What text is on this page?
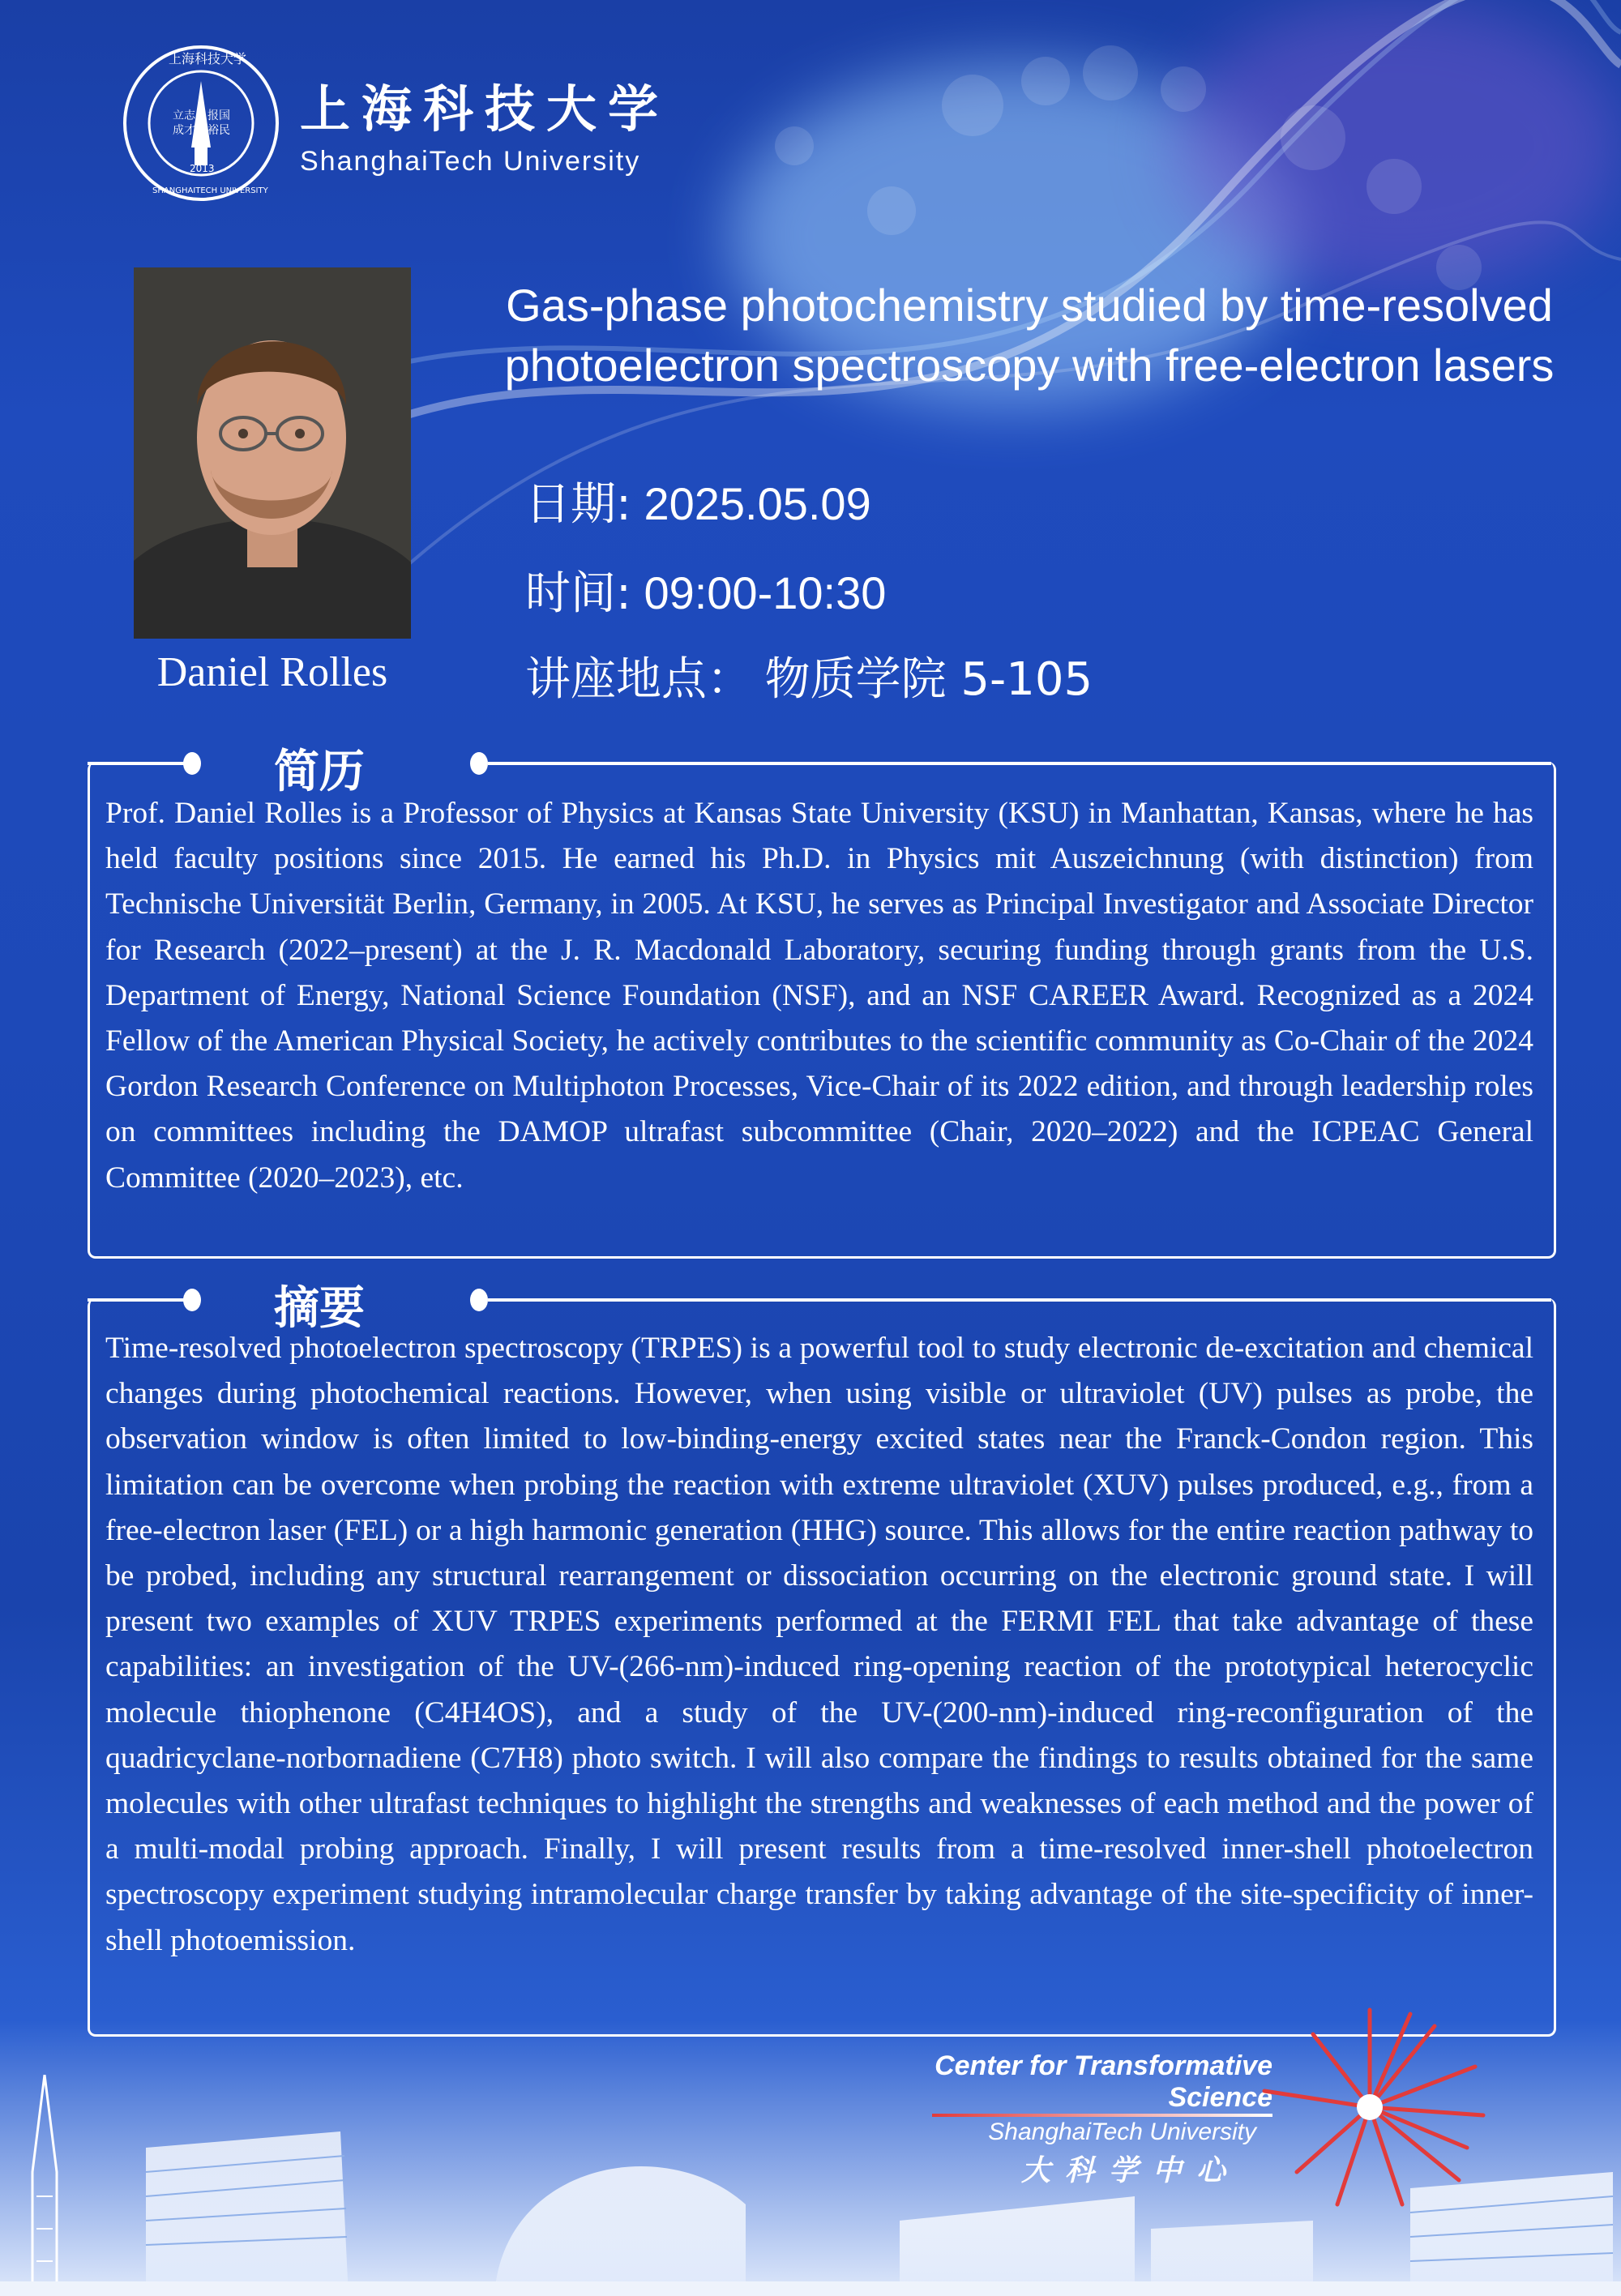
立志
成才
报国
裕民
2013
上海科技大学
SHANGHAITECH UNIVERSITY
上海科技大学
ShanghaiTech University
Daniel Rolles
Gas-phase photochemistry studied by time-resolved photoelectron spectroscopy with free-electron lasers
日期: 2025.05.09
时间: 09:00-10:30
讲座地点： 物质学院 5-105
简历
Prof. Daniel Rolles is a Professor of Physics at Kansas State University (KSU) in Manhattan, Kansas, where he has held faculty positions since 2015. He earned his Ph.D. in Physics mit Auszeichnung (with distinction) from Technische Universität Berlin, Germany, in 2005. At KSU, he serves as Principal Investigator and Associate Director for Research (2022–present) at the J. R. Macdonald Laboratory, securing funding through grants from the U.S. Department of Energy, National Science Foundation (NSF), and an NSF CAREER Award. Recognized as a 2024 Fellow of the American Physical Society, he actively contributes to the scientific community as Co-Chair of the 2024 Gordon Research Conference on Multiphoton Processes, Vice-Chair of its 2022 edition, and through leadership roles on committees including the DAMOP ultrafast subcommittee (Chair, 2020–2022) and the ICPEAC General Committee (2020–2023), etc.
摘要
Time-resolved photoelectron spectroscopy (TRPES) is a powerful tool to study electronic de-excitation and chemical changes during photochemical reactions. However, when using visible or ultraviolet (UV) pulses as probe, the observation window is often limited to low-binding-energy excited states near the Franck-Condon region. This limitation can be overcome when probing the reaction with extreme ultraviolet (XUV) pulses produced, e.g., from a free-electron laser (FEL) or a high harmonic generation (HHG) source. This allows for the entire reaction pathway to be probed, including any structural rearrangement or dissociation occurring on the electronic ground state. I will present two examples of XUV TRPES experiments performed at the FERMI FEL that take advantage of these capabilities: an investigation of the UV-(266-nm)-induced ring-opening reaction of the prototypical heterocyclic molecule thiophenone (C4H4OS), and a study of the UV-(200-nm)-induced ring-reconfiguration of the quadricyclane-norbornadiene (C7H8) photo switch. I will also compare the findings to results obtained for the same molecules with other ultrafast techniques to highlight the strengths and weaknesses of each method and the power of a multi-modal probing approach. Finally, I will present results from a time-resolved inner-shell photoelectron spectroscopy experiment studying intramolecular charge transfer by taking advantage of the site-specificity of inner-shell photoemission.
Center for Transformative Science
ShanghaiTech University
大科学中心
